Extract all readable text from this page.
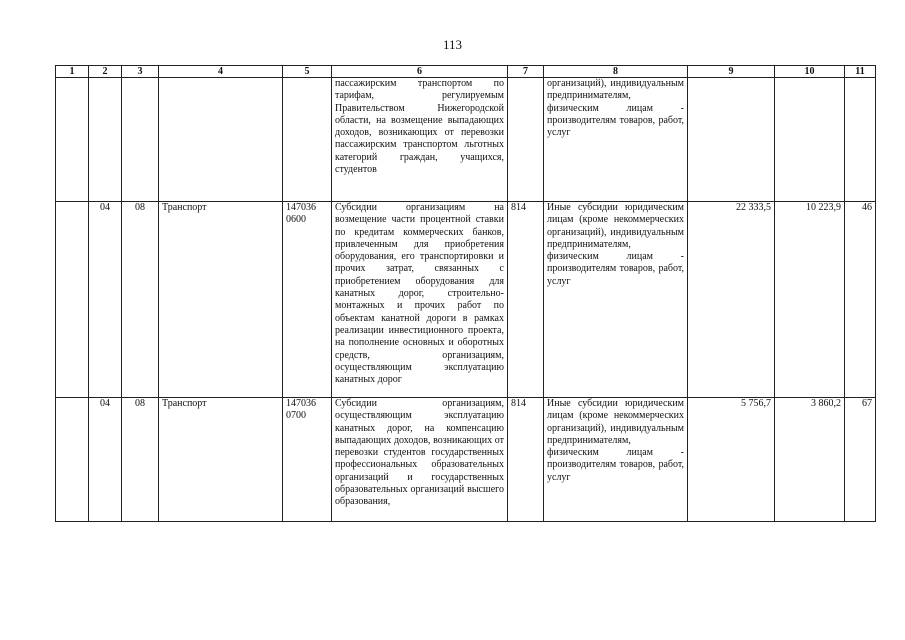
113
1	2	3	4	5	6	7	8	9	10	11
					пассажирским транспортом по тарифам, регулируемым Правительством Нижегородской области, на возмещение выпадающих доходов, возникающих от перевозки пассажирским транспортом льготных категорий граждан, учащихся, студентов		организаций), индивидуальным предпринимателям, физическим лицам - производителям товаров, работ, услуг			
	04	08	Транспорт	147036 0600	Субсидии организациям на возмещение части процентной ставки по кредитам коммерческих банков, привлеченным для приобретения оборудования, его транспортировки и прочих затрат, связанных с приобретением оборудования для канатных дорог, строительно-монтажных и прочих работ по объектам канатной дороги в рамках реализации инвестиционного проекта, на пополнение основных и оборотных средств, организациям, осуществляющим эксплуатацию канатных дорог	814	Иные субсидии юридическим лицам (кроме некоммерческих организаций), индивидуальным предпринимателям, физическим лицам - производителям товаров, работ, услуг	22 333,5	10 223,9	46
	04	08	Транспорт	147036 0700	Субсидии организациям, осуществляющим эксплуатацию канатных дорог, на компенсацию выпадающих доходов, возникающих от перевозки студентов государственных профессиональных образовательных организаций и государственных образовательных организаций высшего образования,	814	Иные субсидии юридическим лицам (кроме некоммерческих организаций), индивидуальным предпринимателям, физическим лицам - производителям товаров, работ, услуг	5 756,7	3 860,2	67
